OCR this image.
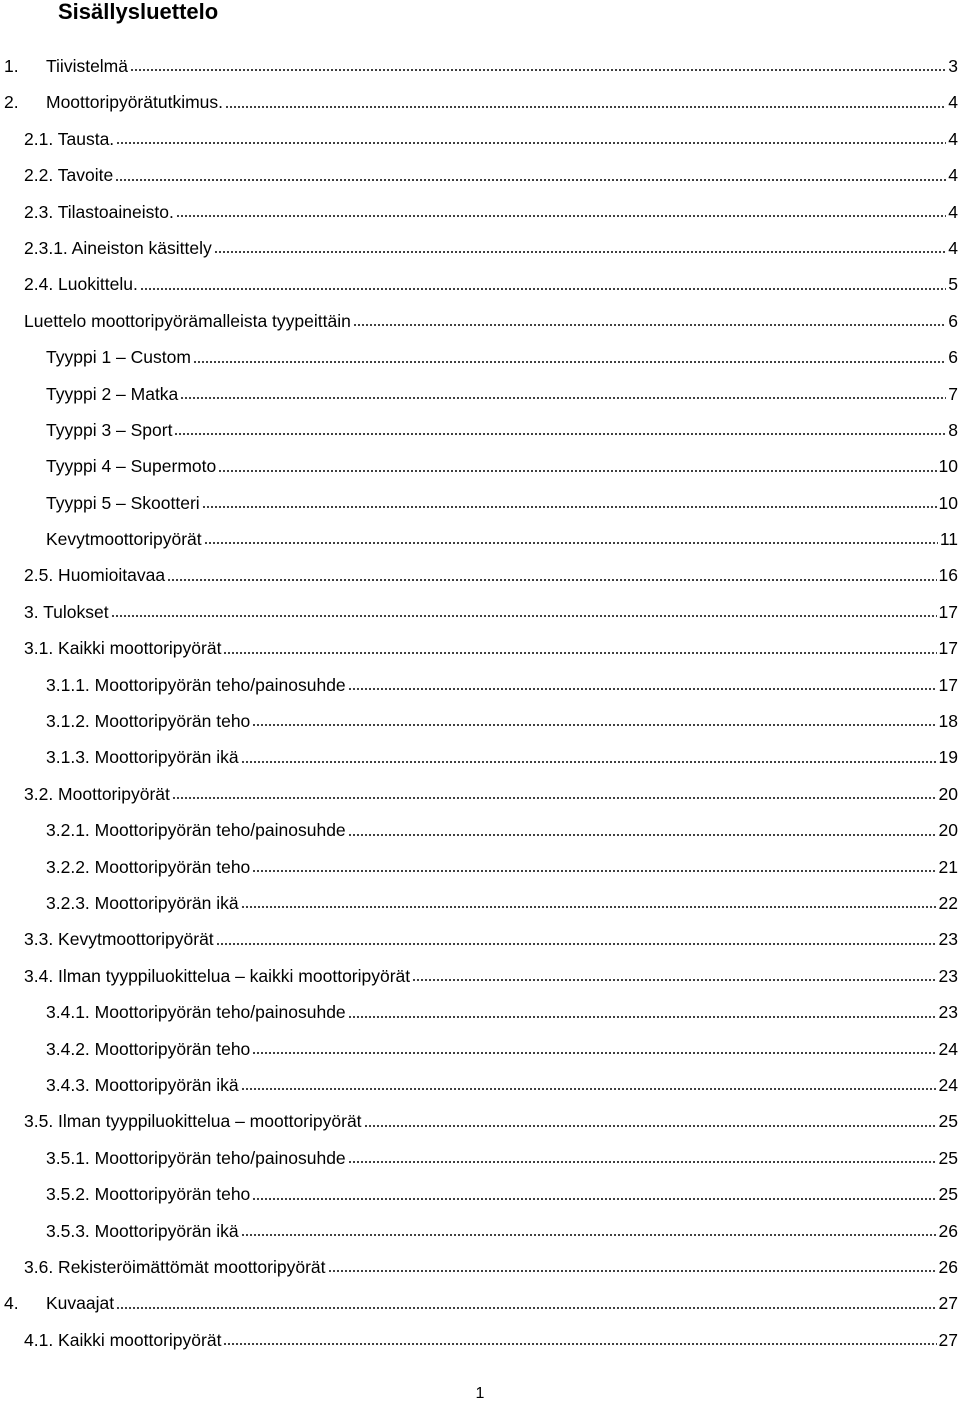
Sisällysluettelo
1.	Tiivistelmä	3
2.	Moottoripyörätutkimus.	4
2.1. Tausta.	4
2.2. Tavoite	4
2.3. Tilastoaineisto.	4
2.3.1. Aineiston käsittely	4
2.4. Luokittelu.	5
Luettelo moottoripyörämalleista tyypeittäin	6
Tyyppi 1 – Custom	6
Tyyppi 2 – Matka	7
Tyyppi 3 – Sport	8
Tyyppi 4 – Supermoto	10
Tyyppi 5 – Skootteri	10
Kevytmoottoripyörät	11
2.5. Huomioitavaa	16
3. Tulokset	17
3.1. Kaikki moottoripyörät	17
3.1.1. Moottoripyörän teho/painosuhde	17
3.1.2. Moottoripyörän teho	18
3.1.3. Moottoripyörän ikä	19
3.2. Moottoripyörät	20
3.2.1. Moottoripyörän teho/painosuhde	20
3.2.2. Moottoripyörän teho	21
3.2.3. Moottoripyörän ikä	22
3.3. Kevytmoottoripyörät	23
3.4. Ilman tyyppiluokittelua – kaikki moottoripyörät	23
3.4.1. Moottoripyörän teho/painosuhde	23
3.4.2. Moottoripyörän teho	24
3.4.3. Moottoripyörän ikä	24
3.5. Ilman tyyppiluokittelua – moottoripyörät	25
3.5.1. Moottoripyörän teho/painosuhde	25
3.5.2. Moottoripyörän teho	25
3.5.3. Moottoripyörän ikä	26
3.6. Rekisteröimättömät moottoripyörät	26
4.	Kuvaajat	27
4.1. Kaikki moottoripyörät	27
1
